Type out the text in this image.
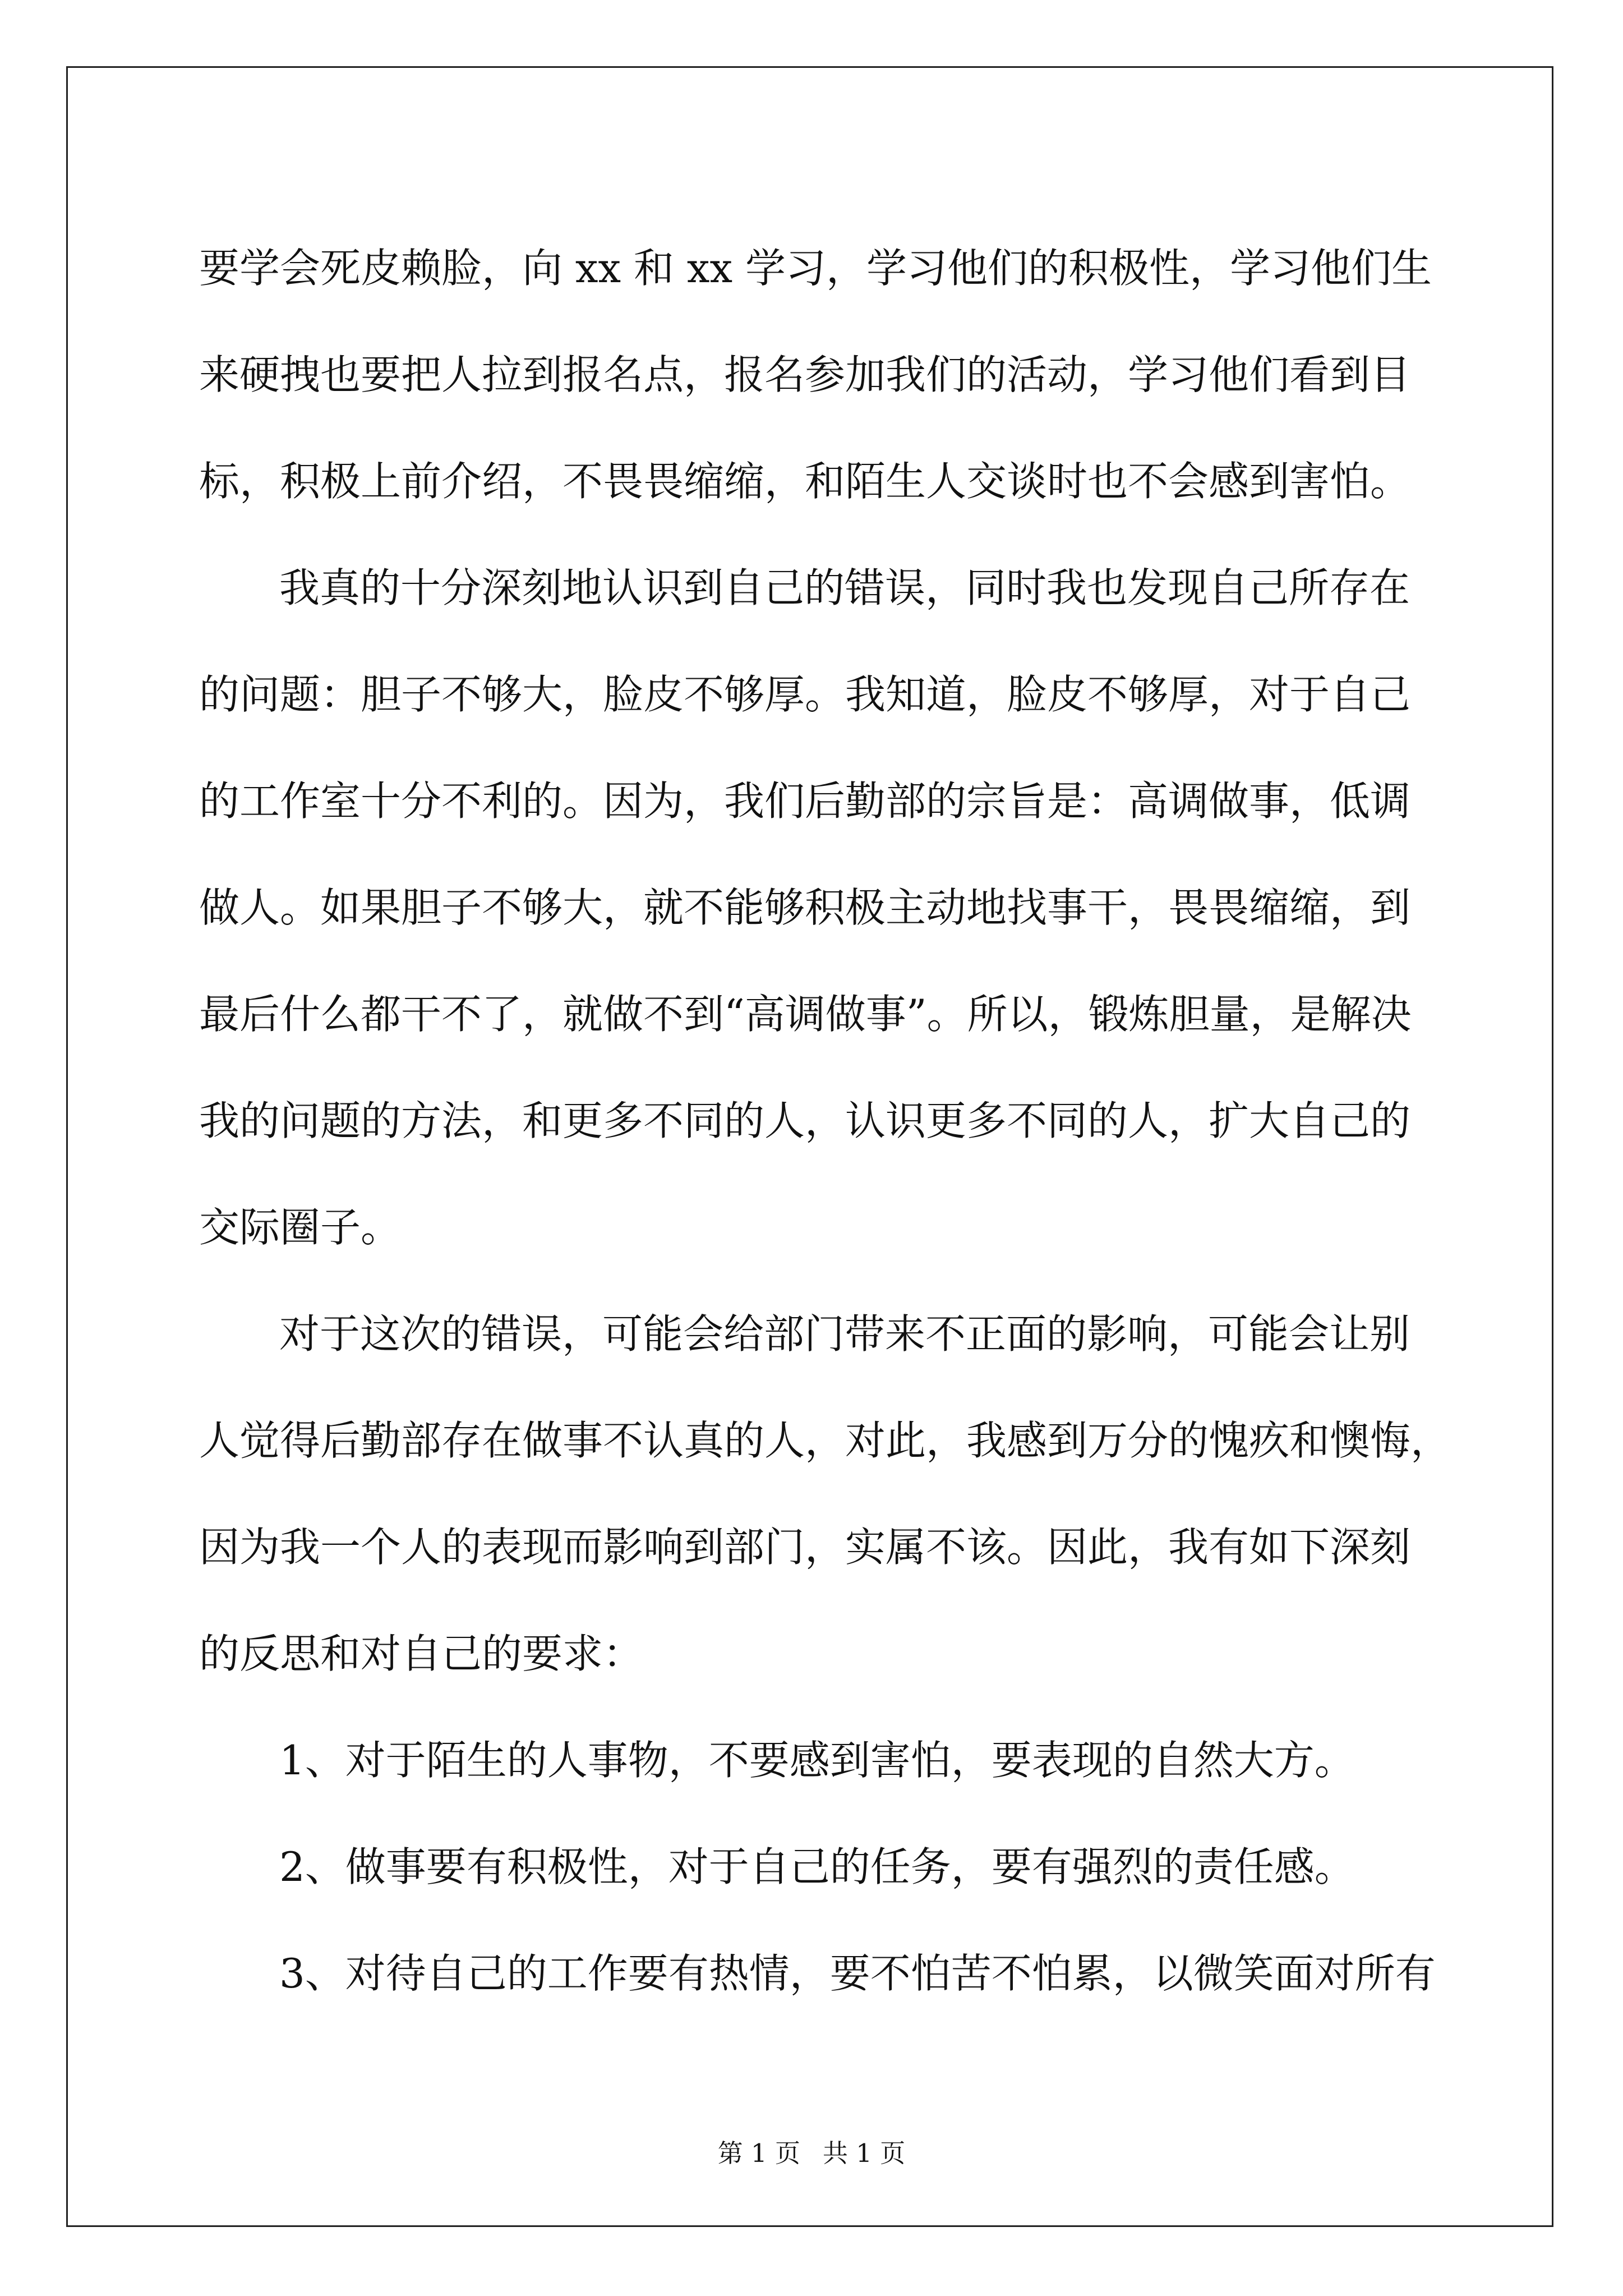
要学会死皮赖脸，向 xx 和 xx 学习，学习他们的积极性，学习他们生
来硬拽也要把人拉到报名点，报名参加我们的活动，学习他们看到目
标，积极上前介绍，不畏畏缩缩，和陌生人交谈时也不会感到害怕。
我真的十分深刻地认识到自己的错误，同时我也发现自己所存在
的问题：胆子不够大，脸皮不够厚。我知道，脸皮不够厚，对于自己
的工作室十分不利的。因为，我们后勤部的宗旨是：高调做事，低调
做人。如果胆子不够大，就不能够积极主动地找事干，畏畏缩缩，到
最后什么都干不了，就做不到“高调做事”。所以，锻炼胆量，是解决
我的问题的方法，和更多不同的人，认识更多不同的人，扩大自己的
交际圈子。
对于这次的错误，可能会给部门带来不正面的影响，可能会让别
人觉得后勤部存在做事不认真的人，对此，我感到万分的愧疚和懊悔，
因为我一个人的表现而影响到部门，实属不该。因此，我有如下深刻
的反思和对自己的要求：
1、对于陌生的人事物，不要感到害怕，要表现的自然大方。
2、做事要有积极性，对于自己的任务，要有强烈的责任感。
3、对待自己的工作要有热情，要不怕苦不怕累，以微笑面对所有
第 1 页 共 1 页
